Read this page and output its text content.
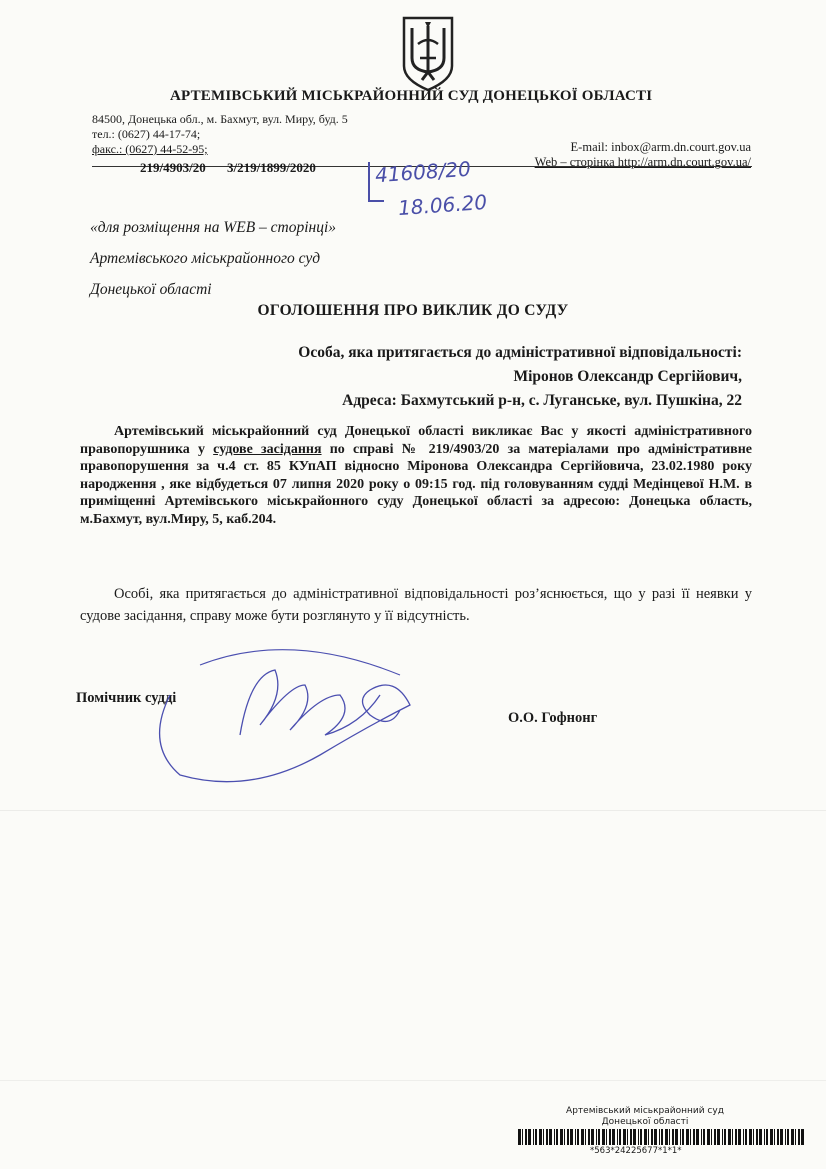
АРТЕМІВСЬКИЙ МІСЬКРАЙОННИЙ СУД ДОНЕЦЬКОЇ ОБЛАСТІ
84500, Донецька обл., м. Бахмут, вул. Миру, буд. 5
тел.: (0627) 44-17-74;
факс.: (0627) 44-52-95;	E-mail: inbox@arm.dn.court.gov.ua
Web – сторінка http://arm.dn.court.gov.ua/
219/4903/20 3/219/1899/2020	41608/20
18.06.20
«для розміщення на WEB – сторінці»
Артемівського міськрайонного суд
Донецької області
ОГОЛОШЕННЯ ПРО ВИКЛИК ДО СУДУ
Особа, яка притягається до адміністративної відповідальності:
Міронов Олександр Сергійович,
Адреса: Бахмутський р-н, с. Луганське, вул. Пушкіна, 22
Артемівський міськрайонний суд Донецької області викликає Вас у якості адміністративного правопорушника у судове засідання по справі № 219/4903/20 за матеріалами про адміністративне правопорушення за ч.4 ст. 85 КУпАП відносно Міронова Олександра Сергійовича, 23.02.1980 року народження , яке відбудеться 07 липня 2020 року о 09:15 год. під головуванням судді Медінцевої Н.М. в приміщенні Артемівського міськрайонного суду Донецької області за адресою: Донецька область, м.Бахмут, вул.Миру, 5, каб.204.
Особі, яка притягається до адміністративної відповідальності роз’яснюється, що у разі її неявки у судове засідання, справу може бути розглянуто у її відсутність.
Помічник судді
О.О. Гофнонг
Артемівський міськрайонний суд
Донецької області
*563*24225677*1*1*
